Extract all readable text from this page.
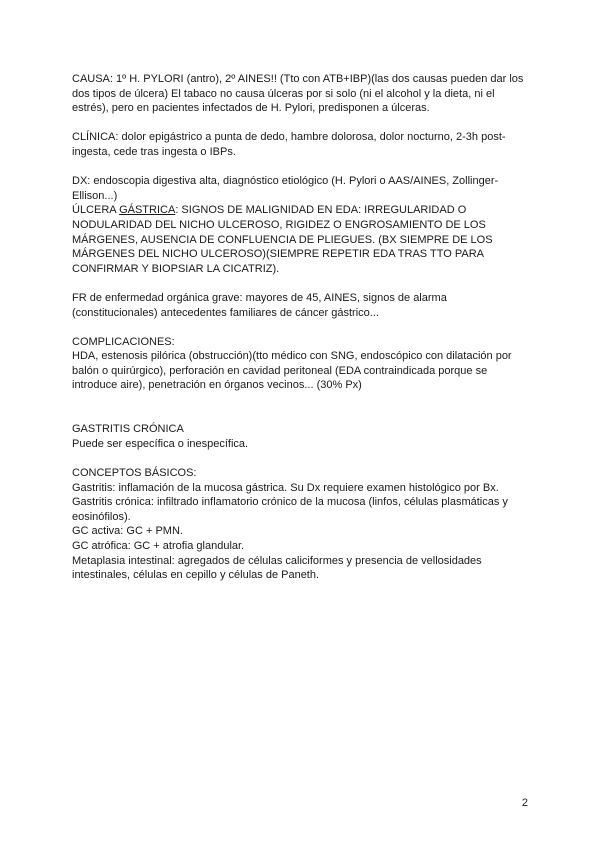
CAUSA: 1º H. PYLORI (antro), 2º AINES!! (Tto con ATB+IBP)(las dos causas pueden dar los dos tipos de úlcera) El tabaco no causa úlceras por si solo (ni el alcohol y la dieta, ni el estrés), pero en pacientes infectados de H. Pylori, predisponen a úlceras.

CLÍNICA: dolor epigástrico a punta de dedo, hambre dolorosa, dolor nocturno, 2-3h post-ingesta, cede tras ingesta o IBPs.

DX: endoscopia digestiva alta, diagnóstico etiológico (H. Pylori o AAS/AINES, Zollinger-Ellison...)

ÚLCERA GÁSTRICA: SIGNOS DE MALIGNIDAD EN EDA: IRREGULARIDAD O NODULARIDAD DEL NICHO ULCEROSO, RIGIDEZ O ENGROSAMIENTO DE LOS MÁRGENES, AUSENCIA DE CONFLUENCIA DE PLIEGUES. (BX SIEMPRE DE LOS MÁRGENES DEL NICHO ULCEROSO)(SIEMPRE REPETIR EDA TRAS TTO PARA CONFIRMAR Y BIOPSIAR LA CICATRIZ).

FR de enfermedad orgánica grave: mayores de 45, AINES, signos de alarma (constitucionales) antecedentes familiares de cáncer gástrico...

COMPLICACIONES:

HDA, estenosis pilórica (obstrucción)(tto médico con SNG, endoscópico con dilatación por balón o quirúrgico), perforación en cavidad peritoneal (EDA contraindicada porque se introduce aire), penetración en órganos vecinos... (30% Px)

GASTRITIS CRÓNICA

Puede ser específica o inespecífica.

CONCEPTOS BÁSICOS:

Gastritis: inflamación de la mucosa gástrica. Su Dx requiere examen histológico por Bx.

Gastritis crónica: infiltrado inflamatorio crónico de la mucosa (linfos, células plasmáticas y eosinófilos).

GC activa: GC + PMN.

GC atrófica: GC + atrofia glandular.

Metaplasia intestinal: agregados de células caliciformes y presencia de vellosidades intestinales, células en cepillo y células de Paneth.

2
